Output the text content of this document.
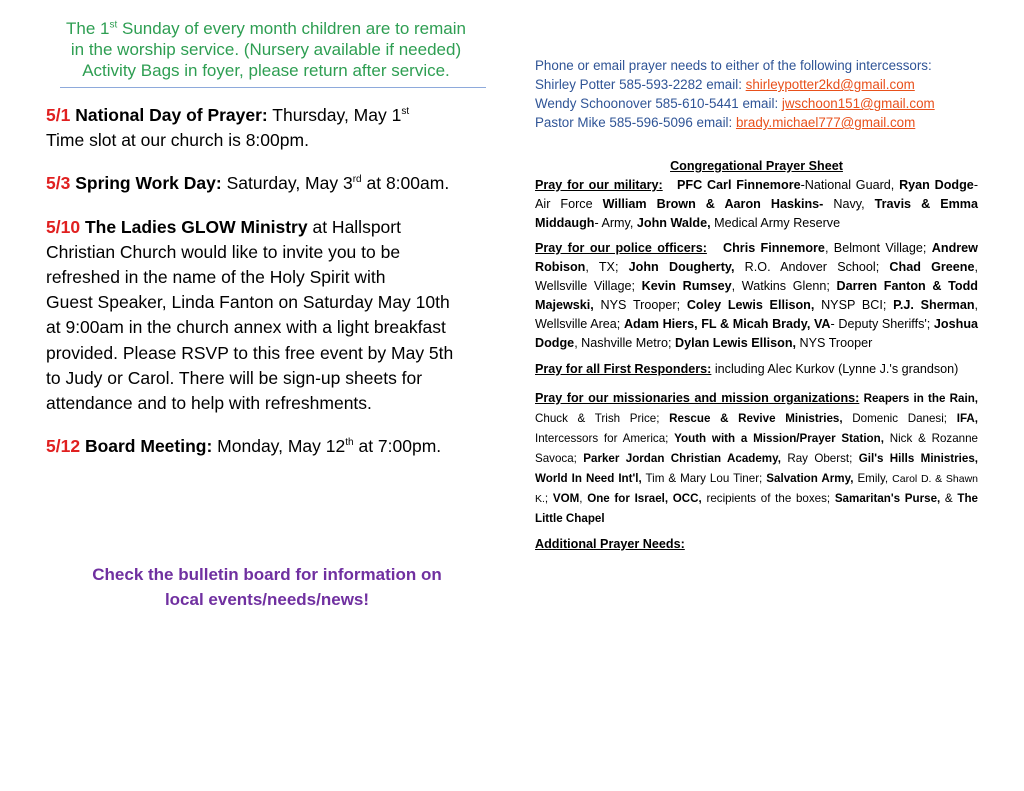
The 1st Sunday of every month children are to remain
in the worship service. (Nursery available if needed)
Activity Bags in foyer, please return after service.
5/1 National Day of Prayer: Thursday, May 1st
Time slot at our church is 8:00pm.
5/3 Spring Work Day: Saturday, May 3rd at 8:00am.
5/10 The Ladies GLOW Ministry at Hallsport
Christian Church would like to invite you to be
refreshed in the name of the Holy Spirit with
Guest Speaker, Linda Fanton on Saturday May 10th
at 9:00am in the church annex with a light breakfast
provided. Please RSVP to this free event by May 5th
to Judy or Carol. There will be sign-up sheets for
attendance and to help with refreshments.
5/12 Board Meeting: Monday, May 12th at 7:00pm.
Check the bulletin board for information on
local events/needs/news!
Phone or email prayer needs to either of the following intercessors:
Shirley Potter 585-593-2282 email: shirleypotter2kd@gmail.com
Wendy Schoonover 585-610-5441 email: jwschoon151@gmail.com
Pastor Mike 585-596-5096 email: brady.michael777@gmail.com
Congregational Prayer Sheet
Pray for our military: PFC Carl Finnemore-National Guard, Ryan Dodge- Air Force William Brown & Aaron Haskins- Navy, Travis & Emma Middaugh- Army, John Walde, Medical Army Reserve
Pray for our police officers: Chris Finnemore, Belmont Village; Andrew Robison, TX; John Dougherty, R.O. Andover School; Chad Greene, Wellsville Village; Kevin Rumsey, Watkins Glenn; Darren Fanton & Todd Majewski, NYS Trooper; Coley Lewis Ellison, NYSP BCI; P.J. Sherman, Wellsville Area; Adam Hiers, FL & Micah Brady, VA- Deputy Sheriffs'; Joshua Dodge, Nashville Metro; Dylan Lewis Ellison, NYS Trooper
Pray for all First Responders: including Alec Kurkov (Lynne J.'s grandson)
Pray for our missionaries and mission organizations: Reapers in the Rain, Chuck & Trish Price; Rescue & Revive Ministries, Domenic Danesi; IFA, Intercessors for America; Youth with a Mission/Prayer Station, Nick & Rozanne Savoca; Parker Jordan Christian Academy, Ray Oberst; Gil's Hills Ministries, World In Need Int'l, Tim & Mary Lou Tiner; Salvation Army, Emily, Carol D. & Shawn K.; VOM, One for Israel, OCC, recipients of the boxes; Samaritan's Purse, & The Little Chapel
Additional Prayer Needs:
